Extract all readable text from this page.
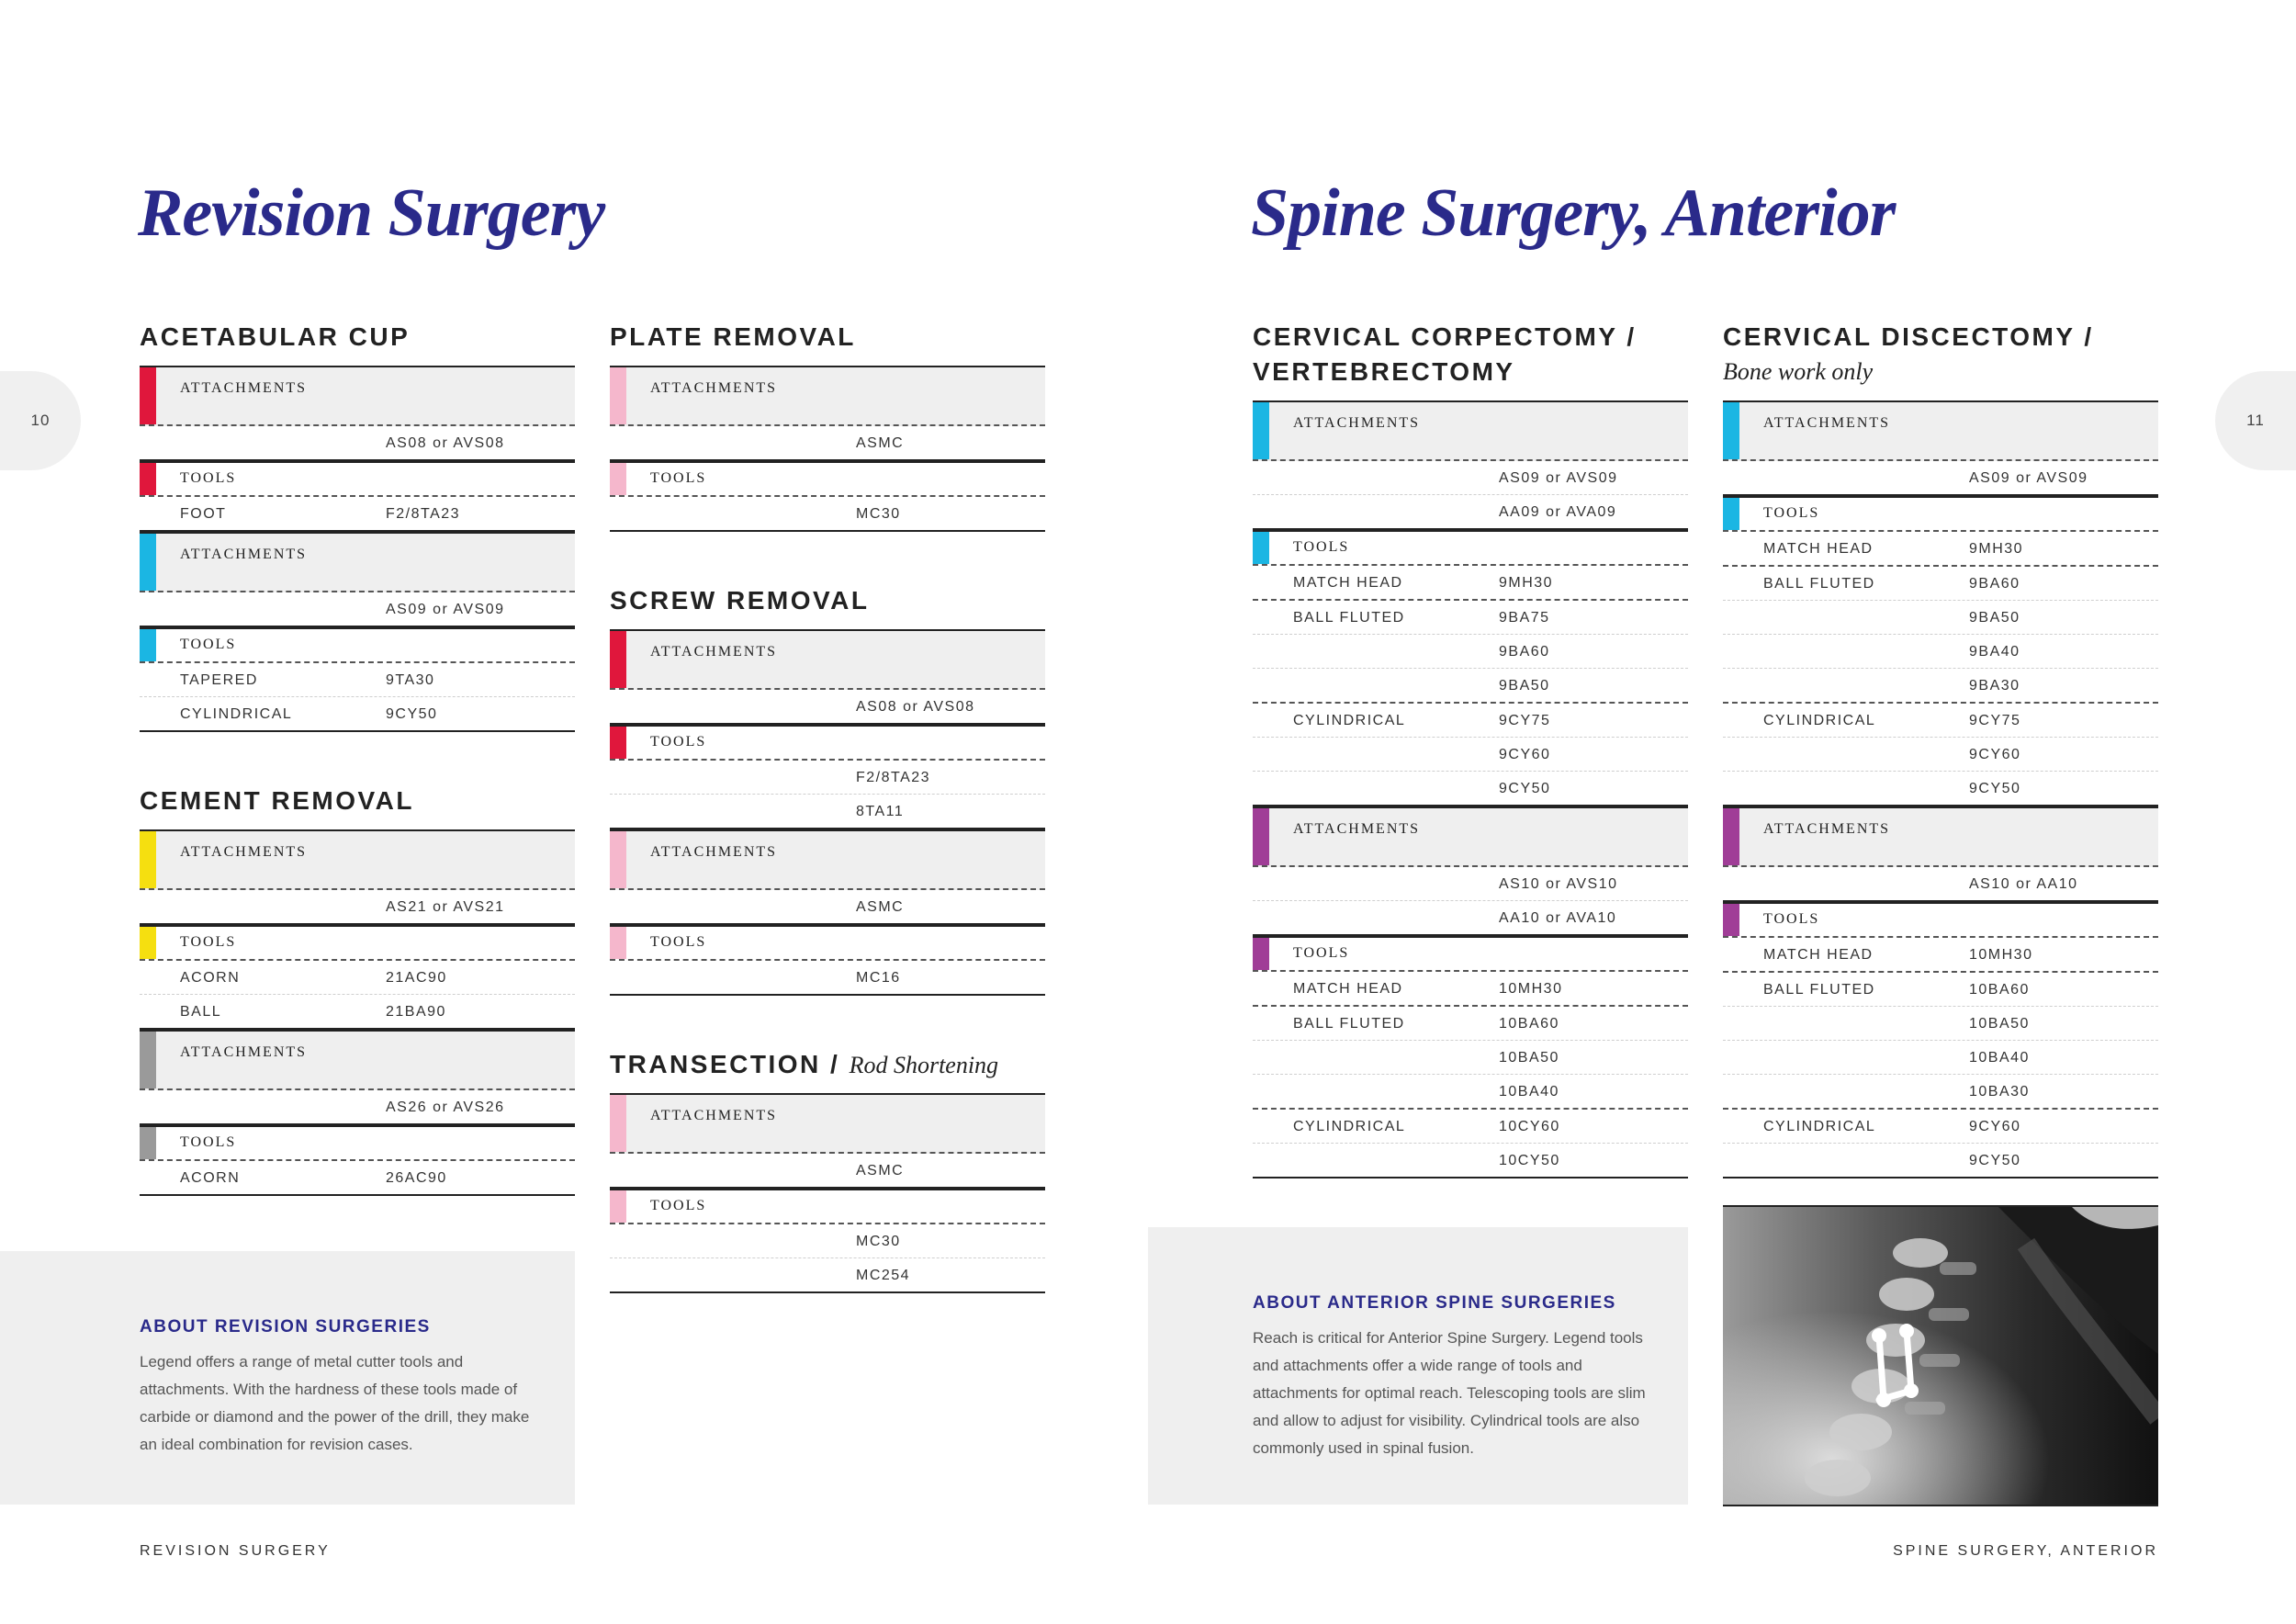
Revision Surgery	Spine Surgery, Anterior
10	11
ACETABULAR CUP
ATTACHMENTS
AS08 or AVS08
TOOLS
FOOT	F2/8TA23
ATTACHMENTS
AS09 or AVS09
TOOLS
TAPERED	9TA30
CYLINDRICAL	9CY50
CEMENT REMOVAL
ATTACHMENTS
AS21 or AVS21
TOOLS
ACORN	21AC90
BALL	21BA90
ATTACHMENTS
AS26 or AVS26
TOOLS
ACORN	26AC90
PLATE REMOVAL
ATTACHMENTS
ASMC
TOOLS
MC30
SCREW REMOVAL
ATTACHMENTS
AS08 or AVS08
TOOLS
F2/8TA23
8TA11
ATTACHMENTS
ASMC
TOOLS
MC16
TRANSECTION / Rod Shortening
ATTACHMENTS
ASMC
TOOLS
MC30
MC254
CERVICAL CORPECTOMY /
VERTEBRECTOMY
ATTACHMENTS
AS09 or AVS09
AA09 or AVA09
TOOLS
MATCH HEAD	9MH30
BALL FLUTED	9BA75
9BA60
9BA50
CYLINDRICAL	9CY75
9CY60
9CY50
ATTACHMENTS
AS10 or AVS10
AA10 or AVA10
TOOLS
MATCH HEAD	10MH30
BALL FLUTED	10BA60
10BA50
10BA40
CYLINDRICAL	10CY60
10CY50
CERVICAL DISCECTOMY /
Bone work only
ATTACHMENTS
AS09 or AVS09
TOOLS
MATCH HEAD	9MH30
BALL FLUTED	9BA60
9BA50
9BA40
9BA30
CYLINDRICAL	9CY75
9CY60
9CY50
ATTACHMENTS
AS10 or AA10
TOOLS
MATCH HEAD	10MH30
BALL FLUTED	10BA60
10BA50
10BA40
10BA30
CYLINDRICAL	9CY60
9CY50
ABOUT REVISION SURGERIES

Legend offers a range of metal cutter tools and attachments. With the hardness of these tools made of carbide or diamond and the power of the drill, they make an ideal combination for revision cases.

ABOUT ANTERIOR SPINE SURGERIES

Reach is critical for Anterior Spine Surgery. Legend tools and attachments offer a wide range of tools and attachments for optimal reach. Telescoping tools are slim and allow to adjust for visibility. Cylindrical tools are also commonly used in spinal fusion.

REVISION SURGERY	SPINE SURGERY, ANTERIOR
